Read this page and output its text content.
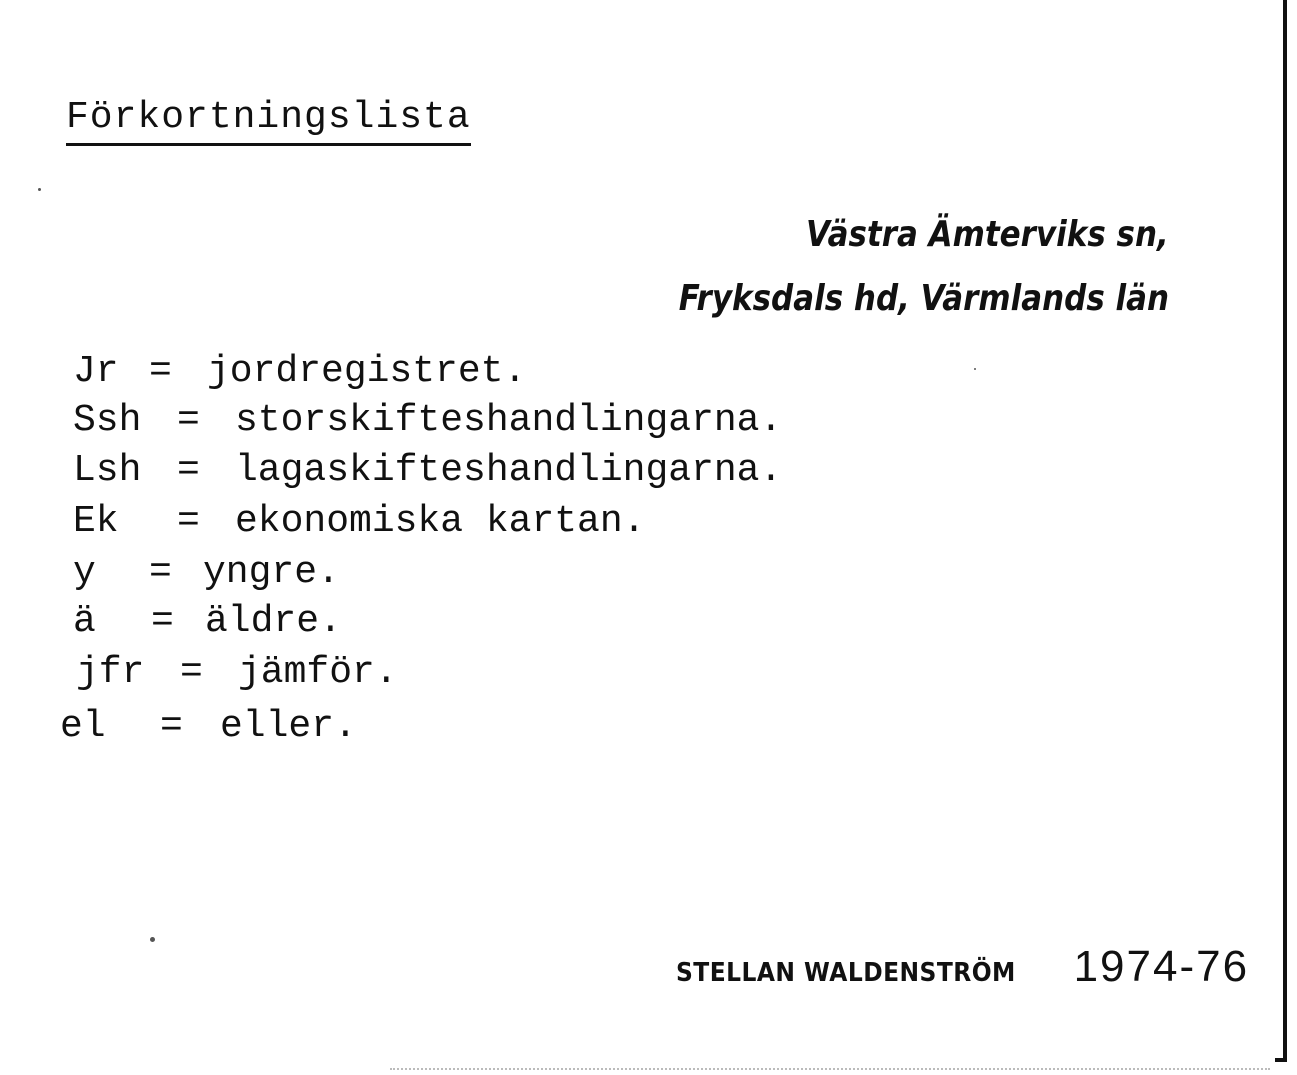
Förkortningslista
Västra Ämterviks sn,
Fryksdals hd, Värmlands län
Jr = jordregistret.
Ssh = storskifteshandlingarna.
Lsh = lagaskifteshandlingarna.
Ek = ekonomiska kartan.
y = yngre.
ä = äldre.
jfr = jämför.
el = eller.
STELLAN WALDENSTRÖM 1974-76
